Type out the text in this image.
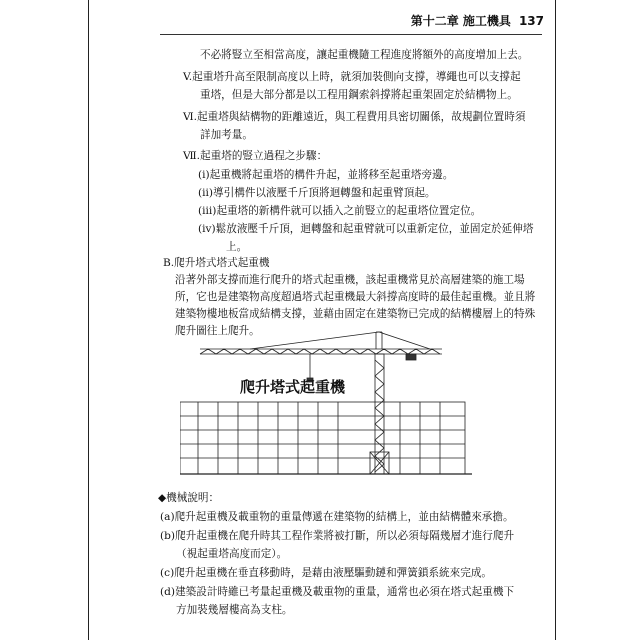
第十二章 施工機具 137
不必將豎立至相當高度，讓起重機隨工程進度將額外的高度增加上去。
V.起重塔升高至限制高度以上時，就須加裝側向支撐，導繩也可以支撐起
重塔，但是大部分都是以工程用鋼索斜撐將起重架固定於結構物上。
Ⅵ.起重塔與結構物的距離遠近，與工程費用具密切關係，故規劃位置時須
詳加考量。
Ⅶ.起重塔的豎立過程之步驟：
(i)起重機將起重塔的構件升起，並將移至起重塔旁邊。
(ii)導引構件以液壓千斤頂將迴轉盤和起重臂頂起。
(iii)起重塔的新構件就可以插入之前豎立的起重塔位置定位。
(iv)鬆放液壓千斤頂，迴轉盤和起重臂就可以重新定位，並固定於延伸塔
上。
B.爬升塔式塔式起重機
沿著外部支撐而進行爬升的塔式起重機，該起重機常見於高層建築的施工場
所，它也是建築物高度超過塔式起重機最大斜撐高度時的最佳起重機。並且將
建築物樓地板當成結構支撐，並藉由固定在建築物已完成的結構樓層上的特殊
爬升圖往上爬升。
爬升塔式起重機
◆機械說明：
(a)爬升起重機及載重物的重量傳遞在建築物的結構上，並由結構體來承擔。
(b)爬升起重機在爬升時其工程作業將被打斷，所以必須每隔幾層才進行爬升
（視起重塔高度而定）。
(c)爬升起重機在垂直移動時，是藉由液壓驅動鏈和彈簧鎖系統來完成。
(d)建築設計時雖已考量起重機及載重物的重量，通常也必須在塔式起重機下
方加裝幾層樓高為支柱。
